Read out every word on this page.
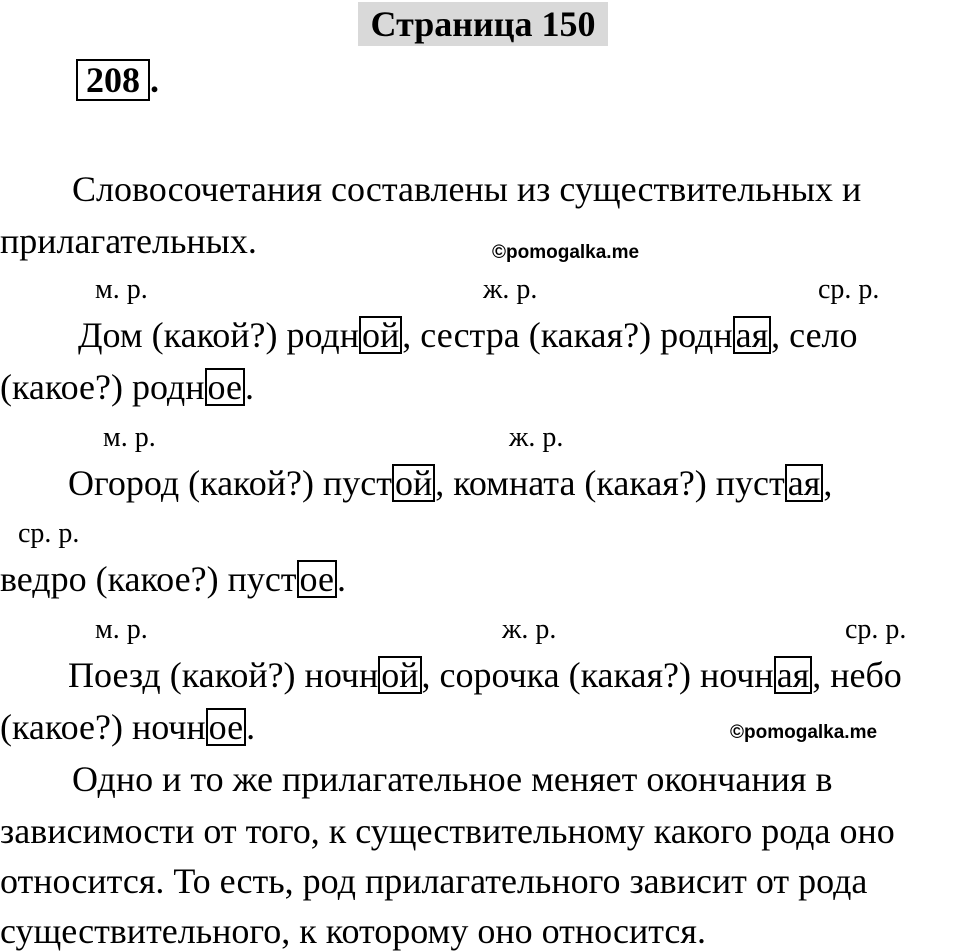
Страница 150
208 .
Словосочетания составлены из существительных и
прилагательных.	©pomogalka.me
м. р.	ж. р.	ср. р.
Дом (какой?) родной, сестра (какая?) родная, село
(какое?) родное.
м. р.	ж. р.
Огород (какой?) пустой, комната (какая?) пустая,
ср. р.
ведро (какое?) пустое.
м. р.	ж. р.	ср. р.
Поезд (какой?) ночной, сорочка (какая?) ночная, небо
(какое?) ночное.	©pomogalka.me
Одно и то же прилагательное меняет окончания в
зависимости от того, к существительному какого рода оно
относится. То есть, род прилагательного зависит от рода
существительного, к которому оно относится.
